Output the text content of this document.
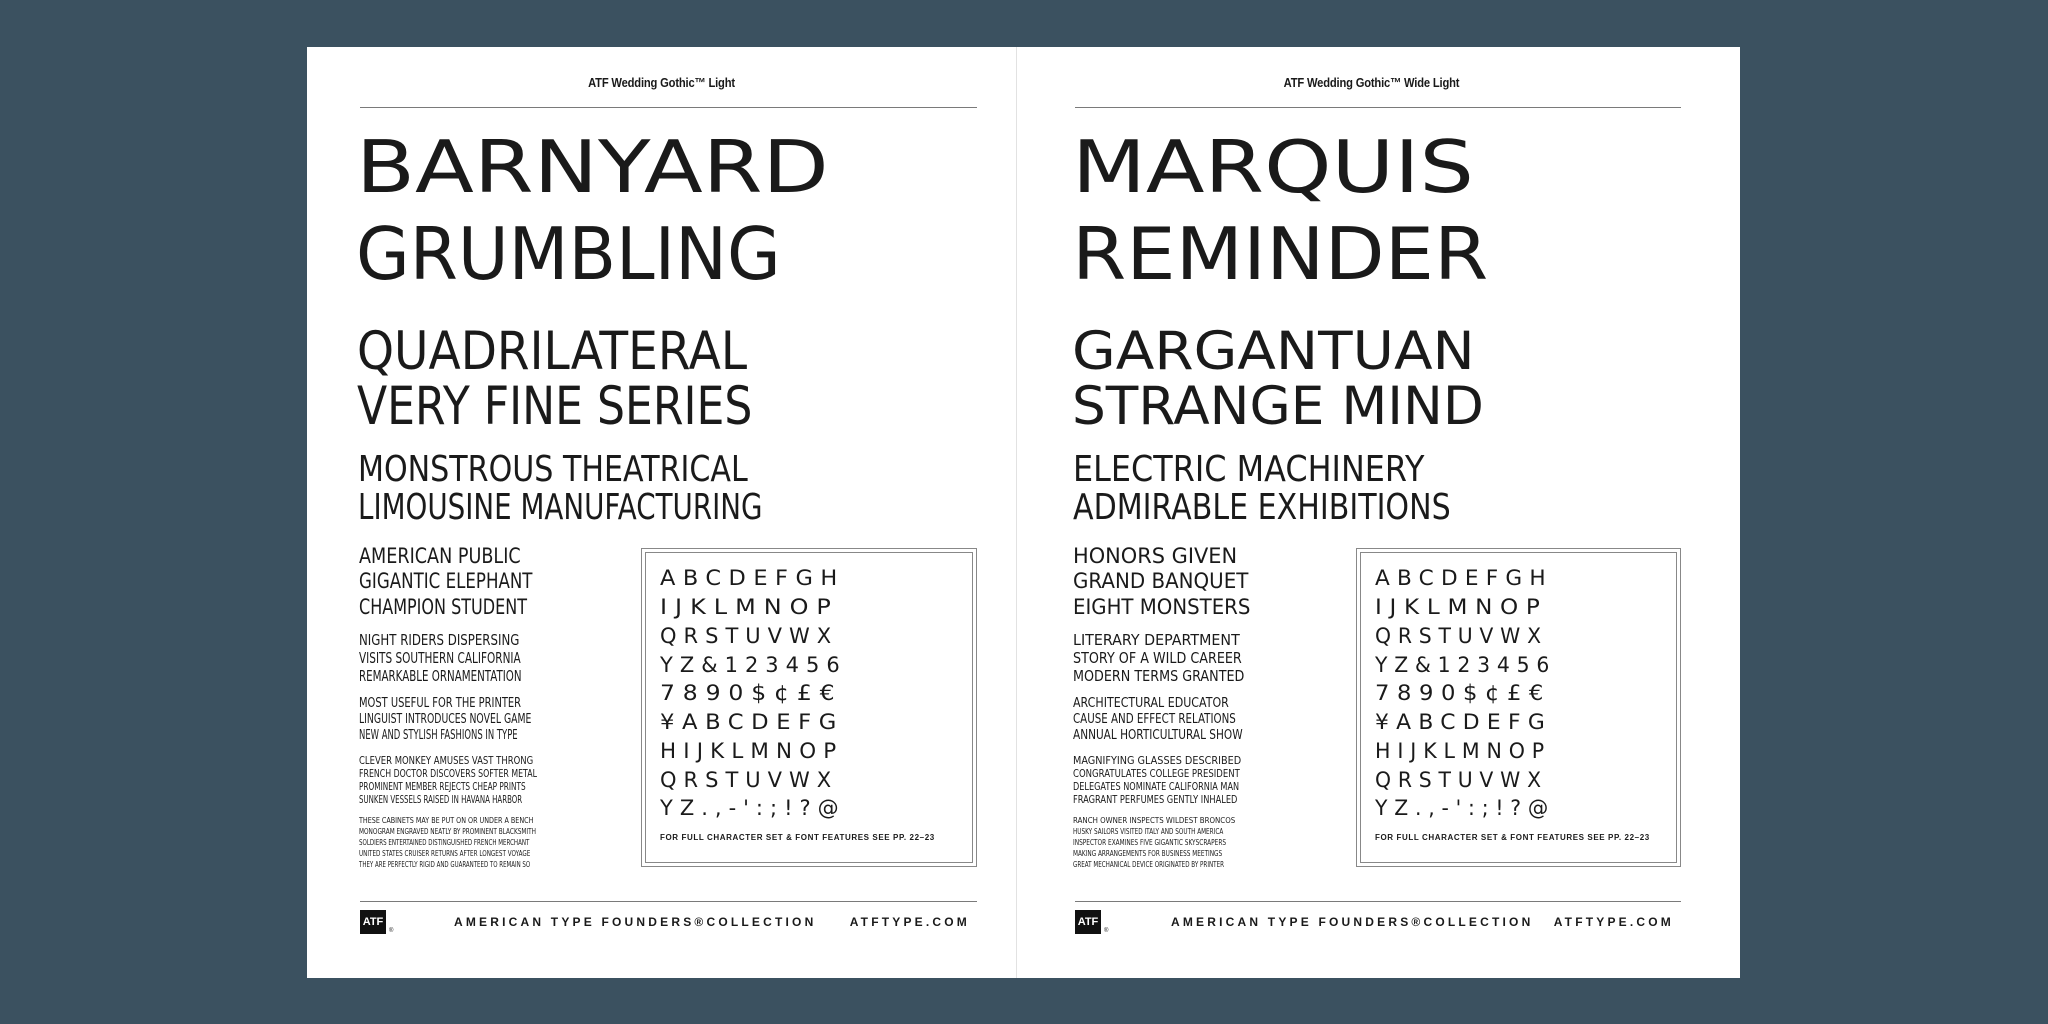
ATF Wedding Gothic™ Light
BARNYARD
GRUMBLING
QUADRILATERAL
VERY FINE SERIES
MONSTROUS THEATRICAL
LIMOUSINE MANUFACTURING
AMERICAN PUBLIC
GIGANTIC ELEPHANT
CHAMPION STUDENT
NIGHT RIDERS DISPERSING
VISITS SOUTHERN CALIFORNIA
REMARKABLE ORNAMENTATION
MOST USEFUL FOR THE PRINTER
LINGUIST INTRODUCES NOVEL GAME
NEW AND STYLISH FASHIONS IN TYPE
CLEVER MONKEY AMUSES VAST THRONG
FRENCH DOCTOR DISCOVERS SOFTER METAL
PROMINENT MEMBER REJECTS CHEAP PRINTS
SUNKEN VESSELS RAISED IN HAVANA HARBOR
THESE CABINETS MAY BE PUT ON OR UNDER A BENCH
MONOGRAM ENGRAVED NEATLY BY PROMINENT BLACKSMITH
SOLDIERS ENTERTAINED DISTINGUISHED FRENCH MERCHANT
UNITED STATES CRUISER RETURNS AFTER LONGEST VOYAGE
THEY ARE PERFECTLY RIGID AND GUARANTEED TO REMAIN SO
ABCDEFGH
IJKLMNOP
QRSTUVWX
YZ&123456
7890$¢£€
¥ABCDEFG
HIJKLMNOP
QRSTUVWX
YZ.,-':;!?@
FOR FULL CHARACTER SET & FONT FEATURES SEE PP. 22–23
ATF
®
AMERICAN TYPE FOUNDERS®COLLECTION	ATFTYPE.COM
ATF Wedding Gothic™ Wide Light
MARQUIS
REMINDER
GARGANTUAN
STRANGE MIND
ELECTRIC MACHINERY
ADMIRABLE EXHIBITIONS
HONORS GIVEN
GRAND BANQUET
EIGHT MONSTERS
LITERARY DEPARTMENT
STORY OF A WILD CAREER
MODERN TERMS GRANTED
ARCHITECTURAL EDUCATOR
CAUSE AND EFFECT RELATIONS
ANNUAL HORTICULTURAL SHOW
MAGNIFYING GLASSES DESCRIBED
CONGRATULATES COLLEGE PRESIDENT
DELEGATES NOMINATE CALIFORNIA MAN
FRAGRANT PERFUMES GENTLY INHALED
RANCH OWNER INSPECTS WILDEST BRONCOS
HUSKY SAILORS VISITED ITALY AND SOUTH AMERICA
INSPECTOR EXAMINES FIVE GIGANTIC SKYSCRAPERS
MAKING ARRANGEMENTS FOR BUSINESS MEETINGS
GREAT MECHANICAL DEVICE ORIGINATED BY PRINTER
ABCDEFGH
IJKLMNOP
QRSTUVWX
YZ&123456
7890$¢£€
¥ABCDEFG
HIJKLMNOP
QRSTUVWX
YZ.,-':;!?@
FOR FULL CHARACTER SET & FONT FEATURES SEE PP. 22–23
ATF
®
AMERICAN TYPE FOUNDERS®COLLECTION ATFTYPE.COM
